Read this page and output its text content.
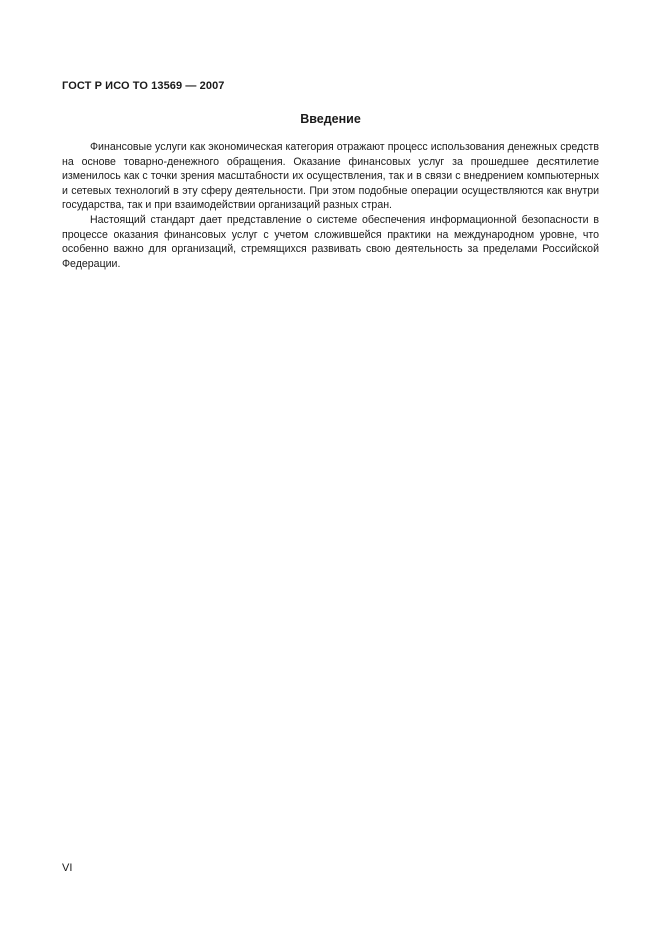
ГОСТ Р ИСО ТО 13569 — 2007
Введение

Финансовые услуги как экономическая категория отражают процесс использования денежных средств на основе товарно-денежного обращения. Оказание финансовых услуг за прошедшее десятилетие изменилось как с точки зрения масштабности их осуществления, так и в связи с внедрением компьютерных и сетевых технологий в эту сферу деятельности. При этом подобные операции осуществляются как внутри государства, так и при взаимодействии организаций разных стран.

Настоящий стандарт дает представление о системе обеспечения информационной безопасности в процессе оказания финансовых услуг с учетом сложившейся практики на международном уровне, что особенно важно для организаций, стремящихся развивать свою деятельность за пределами Российской Федерации.

VI
